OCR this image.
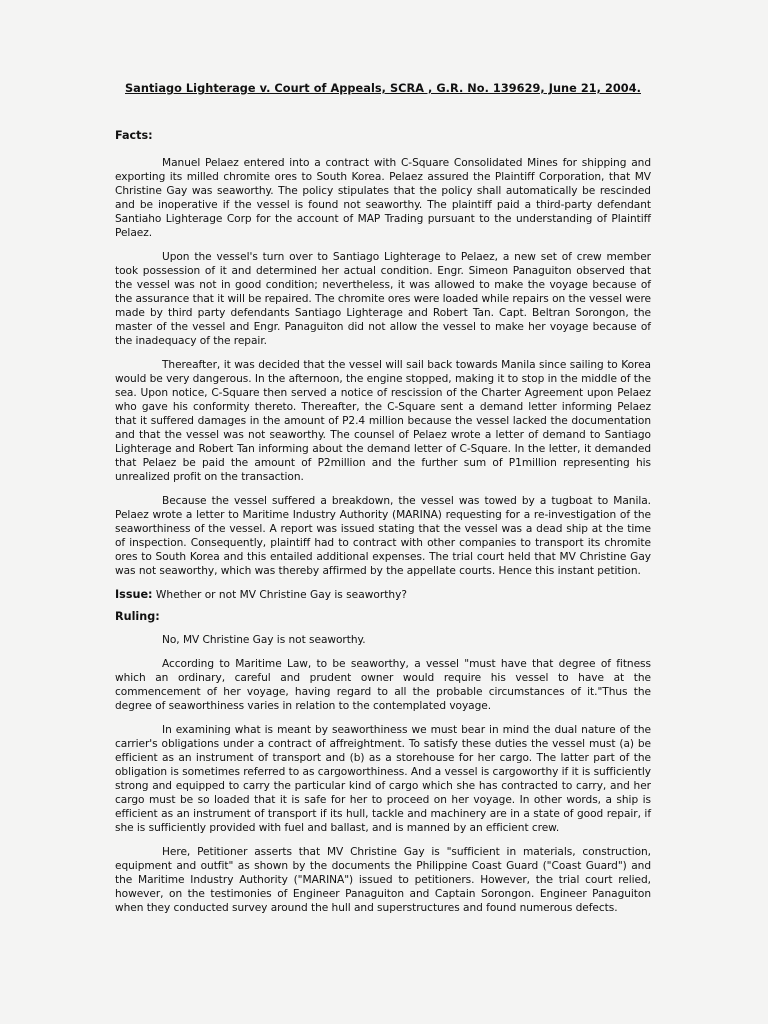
Santiago Lighterage v. Court of Appeals, SCRA , G.R. No. 139629, June 21, 2004.
Facts:

Manuel Pelaez entered into a contract with C-Square Consolidated Mines for shipping and exporting its milled chromite ores to South Korea. Pelaez assured the Plaintiff Corporation, that MV Christine Gay was seaworthy. The policy stipulates that the policy shall automatically be rescinded and be inoperative if the vessel is found not seaworthy. The plaintiff paid a third-party defendant Santiaho Lighterage Corp for the account of MAP Trading pursuant to the understanding of Plaintiff Pelaez.

Upon the vessel's turn over to Santiago Lighterage to Pelaez, a new set of crew member took possession of it and determined her actual condition. Engr. Simeon Panaguiton observed that the vessel was not in good condition; nevertheless, it was allowed to make the voyage because of the assurance that it will be repaired. The chromite ores were loaded while repairs on the vessel were made by third party defendants Santiago Lighterage and Robert Tan. Capt. Beltran Sorongon, the master of the vessel and Engr. Panaguiton did not allow the vessel to make her voyage because of the inadequacy of the repair.

Thereafter, it was decided that the vessel will sail back towards Manila since sailing to Korea would be very dangerous. In the afternoon, the engine stopped, making it to stop in the middle of the sea. Upon notice, C-Square then served a notice of rescission of the Charter Agreement upon Pelaez who gave his conformity thereto. Thereafter, the C-Square sent a demand letter informing Pelaez that it suffered damages in the amount of P2.4 million because the vessel lacked the documentation and that the vessel was not seaworthy. The counsel of Pelaez wrote a letter of demand to Santiago Lighterage and Robert Tan informing about the demand letter of C-Square. In the letter, it demanded that Pelaez be paid the amount of P2million and the further sum of P1million representing his unrealized profit on the transaction.

Because the vessel suffered a breakdown, the vessel was towed by a tugboat to Manila. Pelaez wrote a letter to Maritime Industry Authority (MARINA) requesting for a re-investigation of the seaworthiness of the vessel. A report was issued stating that the vessel was a dead ship at the time of inspection. Consequently, plaintiff had to contract with other companies to transport its chromite ores to South Korea and this entailed additional expenses. The trial court held that MV Christine Gay was not seaworthy, which was thereby affirmed by the appellate courts. Hence this instant petition.

Issue: Whether or not MV Christine Gay is seaworthy?
Ruling:

No, MV Christine Gay is not seaworthy.

According to Maritime Law, to be seaworthy, a vessel "must have that degree of fitness which an ordinary, careful and prudent owner would require his vessel to have at the commencement of her voyage, having regard to all the probable circumstances of it."Thus the degree of seaworthiness varies in relation to the contemplated voyage.

In examining what is meant by seaworthiness we must bear in mind the dual nature of the carrier's obligations under a contract of affreightment. To satisfy these duties the vessel must (a) be efficient as an instrument of transport and (b) as a storehouse for her cargo. The latter part of the obligation is sometimes referred to as cargoworthiness. And a vessel is cargoworthy if it is sufficiently strong and equipped to carry the particular kind of cargo which she has contracted to carry, and her cargo must be so loaded that it is safe for her to proceed on her voyage. In other words, a ship is efficient as an instrument of transport if its hull, tackle and machinery are in a state of good repair, if she is sufficiently provided with fuel and ballast, and is manned by an efficient crew.

Here, Petitioner asserts that MV Christine Gay is "sufficient in materials, construction, equipment and outfit" as shown by the documents the Philippine Coast Guard ("Coast Guard") and the Maritime Industry Authority ("MARINA") issued to petitioners. However, the trial court relied, however, on the testimonies of Engineer Panaguiton and Captain Sorongon. Engineer Panaguiton when they conducted survey around the hull and superstructures and found numerous defects.
